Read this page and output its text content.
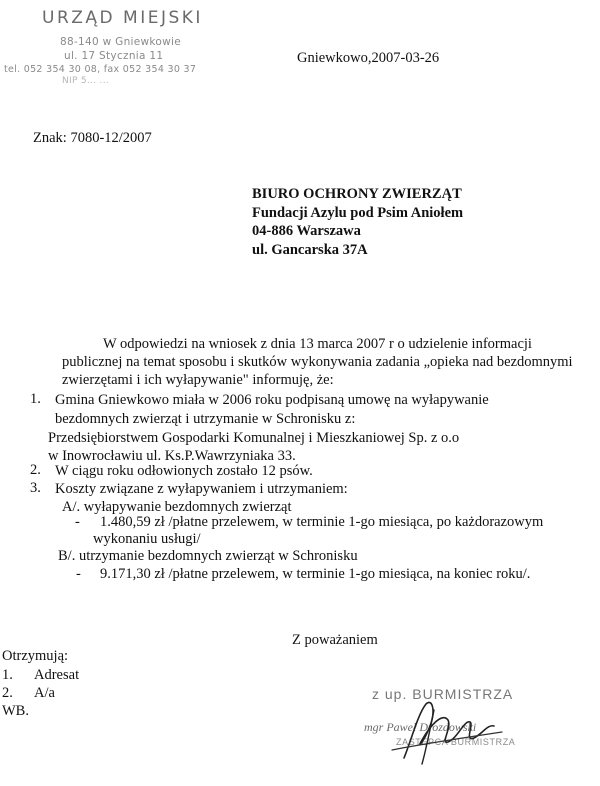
URZĄD MIEJSKI
88-140 w Gniewkowie
ul. 17 Stycznia 11
tel. 052 354 30 08, fax 052 354 30 37
NIP 5... ...
Gniewkowo,2007-03-26
Znak: 7080-12/2007
BIURO OCHRONY ZWIERZĄT
Fundacji Azylu pod Psim Aniołem
04-886 Warszawa
ul. Gancarska 37A
W odpowiedzi na wniosek z dnia 13 marca 2007 r o udzielenie informacji
publicznej na temat sposobu i skutków wykonywania zadania „opieka nad bezdomnymi
zwierzętami i ich wyłapywanie" informuję, że:
1. Gmina Gniewkowo miała w 2006 roku podpisaną umowę na wyłapywanie
bezdomnych zwierząt i utrzymanie w Schronisku z:
Przedsiębiorstwem Gospodarki Komunalnej i Mieszkaniowej Sp. z o.o
w Inowrocławiu ul. Ks.P.Wawrzyniaka 33.
2. W ciągu roku odłowionych zostało 12 psów.
3. Koszty związane z wyłapywaniem i utrzymaniem:
A/. wyłapywanie bezdomnych zwierząt
- 1.480,59 zł /płatne przelewem, w terminie 1-go miesiąca, po każdorazowym
wykonaniu usługi/
B/. utrzymanie bezdomnych zwierząt w Schronisku
- 9.171,30 zł /płatne przelewem, w terminie 1-go miesiąca, na koniec roku/.
Z poważaniem
Otrzymują:
1. Adresat
2. A/a
WB.
z up. BURMISTRZA
mgr Paweł Drozdowski
ZASTĘPCA BURMISTRZA
